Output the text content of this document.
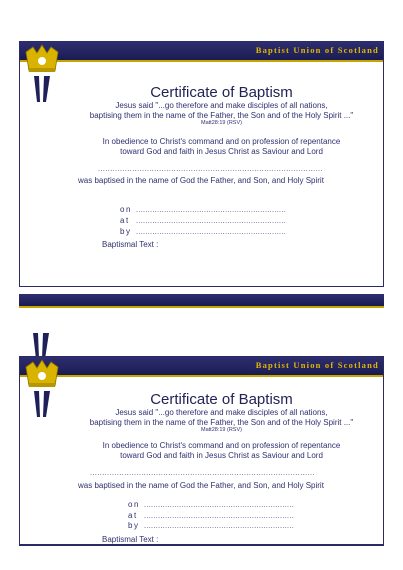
Baptist Union of Scotland

Certificate of Baptism

Jesus said "...go therefore and make disciples of all nations,

baptising them in the name of the Father, the Son and of the Holy Spirit ..."

Matt28:19 (RSV)

In obedience to Christ's command and on profession of repentance

toward God and faith in Jesus Christ as Saviour and Lord

............................................................................................
was baptised in the name of God the Father, and Son, and Holy Spirit
on ................................................................
at ................................................................
by ................................................................
Baptismal Text :
Baptist Union of Scotland

Certificate of Baptism

Jesus said "...go therefore and make disciples of all nations,

baptising them in the name of the Father, the Son and of the Holy Spirit ..."

Matt28:19 (RSV)

In obedience to Christ's command and on profession of repentance

toward God and faith in Jesus Christ as Saviour and Lord

............................................................................................
was baptised in the name of God the Father, and Son, and Holy Spirit
on ................................................................
at ................................................................
by ................................................................
Baptismal Text :
